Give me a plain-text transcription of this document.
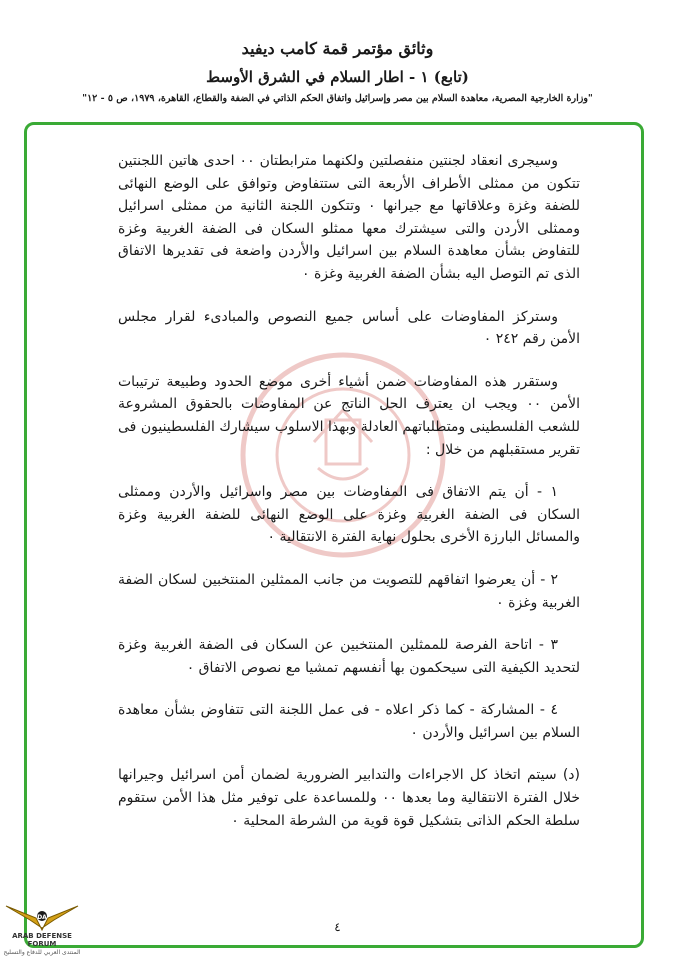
وثائق مؤتمر قمة كامب ديفيد
(تابع) ١ - اطار السلام في الشرق الأوسط
"وزارة الخارجية المصرية، معاهدة السلام بين مصر وإسرائيل واتفاق الحكم الذاتي في الضفة والقطاع، القاهرة، ١٩٧٩، ص ٥ - ١٢"

وسيجرى انعقاد لجنتين منفصلتين ولكنهما مترابطتان ٠٠ احدى هاتين اللجنتين تتكون من ممثلى الأطراف الأربعة التى ستتفاوض وتوافق على الوضع النهائى للضفة وغزة وعلاقاتها مع جيرانها ٠ وتتكون اللجنة الثانية من ممثلى اسرائيل وممثلى الأردن والتى سيشترك معها ممثلو السكان فى الضفة الغربية وغزة للتفاوض بشأن معاهدة السلام بين اسرائيل والأردن واضعة فى تقديرها الاتفاق الذى تم التوصل اليه بشأن الضفة الغربية وغزة ٠

وستركز المفاوضات على أساس جميع النصوص والمبادىء لقرار مجلس الأمن رقم ٢٤٢ ٠

وستقرر هذه المفاوضات ضمن أشياء أخرى موضع الحدود وطبيعة ترتيبات الأمن ٠٠ ويجب ان يعترف الحل الناتج عن المفاوضات بالحقوق المشروعة للشعب الفلسطينى ومتطلباتهم العادلة وبهذا الاسلوب سيشارك الفلسطينيون فى تقرير مستقبلهم من خلال :

١ - أن يتم الاتفاق فى المفاوضات بين مصر واسرائيل والأردن وممثلى السكان فى الضفة الغربية وغزة على الوضع النهائى للضفة الغربية وغزة والمسائل البارزة الأخرى بحلول نهاية الفترة الانتقالية ٠

٢ - أن يعرضوا اتفاقهم للتصويت من جانب الممثلين المنتخبين لسكان الضفة الغربية وغزة ٠

٣ - اتاحة الفرصة للممثلين المنتخبين عن السكان فى الضفة الغربية وغزة لتحديد الكيفية التى سيحكمون بها أنفسهم تمشيا مع نصوص الاتفاق ٠

٤ - المشاركة - كما ذكر اعلاه - فى عمل اللجنة التى تتفاوض بشأن معاهدة السلام بين اسرائيل والأردن ٠

(د) سيتم اتخاذ كل الاجراءات والتدابير الضرورية لضمان أمن اسرائيل وجيرانها خلال الفترة الانتقالية وما بعدها ٠٠ وللمساعدة على توفير مثل هذا الأمن ستقوم سلطة الحكم الذاتى بتشكيل قوة قوية من الشرطة المحلية ٠

٤
DA
ARAB DEFENSE FORUM
المنتدى العربي للدفاع والتسليح
